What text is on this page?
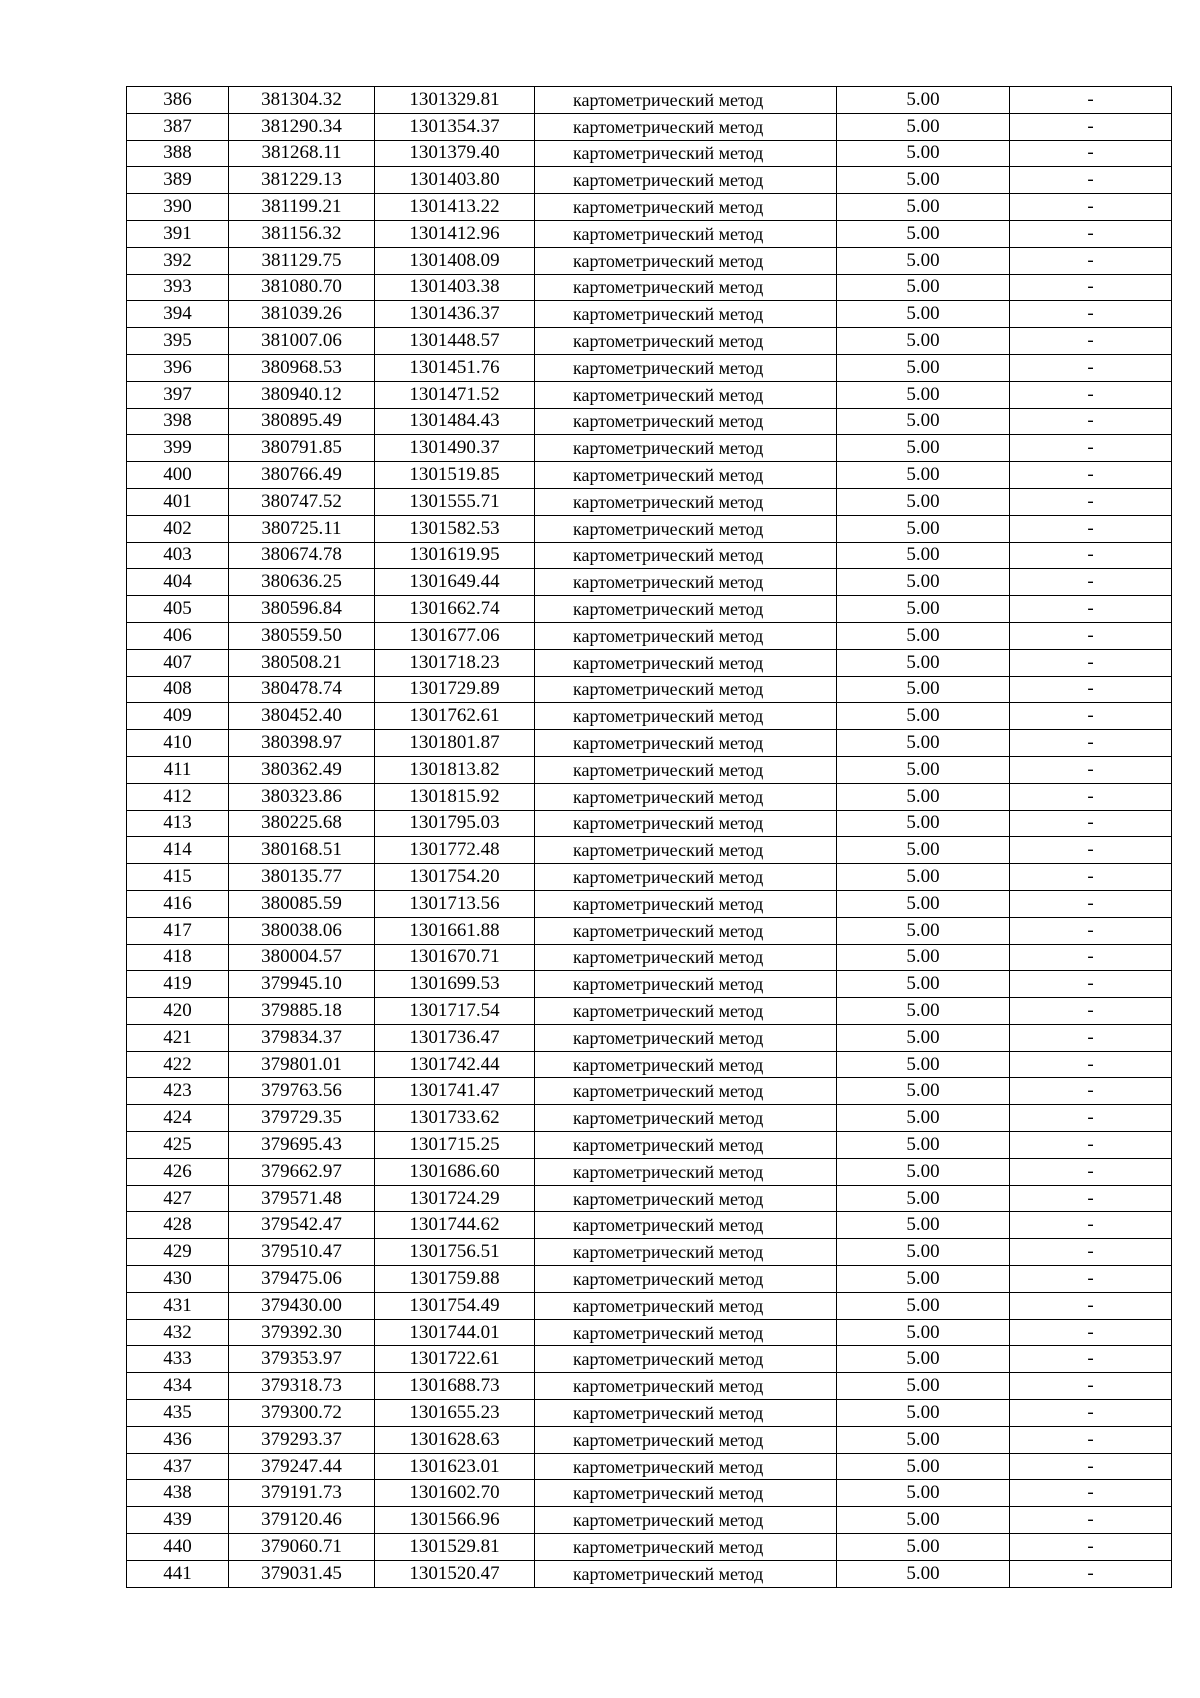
386	381304.32	1301329.81	картометрический метод	5.00	-
387	381290.34	1301354.37	картометрический метод	5.00	-
388	381268.11	1301379.40	картометрический метод	5.00	-
389	381229.13	1301403.80	картометрический метод	5.00	-
390	381199.21	1301413.22	картометрический метод	5.00	-
391	381156.32	1301412.96	картометрический метод	5.00	-
392	381129.75	1301408.09	картометрический метод	5.00	-
393	381080.70	1301403.38	картометрический метод	5.00	-
394	381039.26	1301436.37	картометрический метод	5.00	-
395	381007.06	1301448.57	картометрический метод	5.00	-
396	380968.53	1301451.76	картометрический метод	5.00	-
397	380940.12	1301471.52	картометрический метод	5.00	-
398	380895.49	1301484.43	картометрический метод	5.00	-
399	380791.85	1301490.37	картометрический метод	5.00	-
400	380766.49	1301519.85	картометрический метод	5.00	-
401	380747.52	1301555.71	картометрический метод	5.00	-
402	380725.11	1301582.53	картометрический метод	5.00	-
403	380674.78	1301619.95	картометрический метод	5.00	-
404	380636.25	1301649.44	картометрический метод	5.00	-
405	380596.84	1301662.74	картометрический метод	5.00	-
406	380559.50	1301677.06	картометрический метод	5.00	-
407	380508.21	1301718.23	картометрический метод	5.00	-
408	380478.74	1301729.89	картометрический метод	5.00	-
409	380452.40	1301762.61	картометрический метод	5.00	-
410	380398.97	1301801.87	картометрический метод	5.00	-
411	380362.49	1301813.82	картометрический метод	5.00	-
412	380323.86	1301815.92	картометрический метод	5.00	-
413	380225.68	1301795.03	картометрический метод	5.00	-
414	380168.51	1301772.48	картометрический метод	5.00	-
415	380135.77	1301754.20	картометрический метод	5.00	-
416	380085.59	1301713.56	картометрический метод	5.00	-
417	380038.06	1301661.88	картометрический метод	5.00	-
418	380004.57	1301670.71	картометрический метод	5.00	-
419	379945.10	1301699.53	картометрический метод	5.00	-
420	379885.18	1301717.54	картометрический метод	5.00	-
421	379834.37	1301736.47	картометрический метод	5.00	-
422	379801.01	1301742.44	картометрический метод	5.00	-
423	379763.56	1301741.47	картометрический метод	5.00	-
424	379729.35	1301733.62	картометрический метод	5.00	-
425	379695.43	1301715.25	картометрический метод	5.00	-
426	379662.97	1301686.60	картометрический метод	5.00	-
427	379571.48	1301724.29	картометрический метод	5.00	-
428	379542.47	1301744.62	картометрический метод	5.00	-
429	379510.47	1301756.51	картометрический метод	5.00	-
430	379475.06	1301759.88	картометрический метод	5.00	-
431	379430.00	1301754.49	картометрический метод	5.00	-
432	379392.30	1301744.01	картометрический метод	5.00	-
433	379353.97	1301722.61	картометрический метод	5.00	-
434	379318.73	1301688.73	картометрический метод	5.00	-
435	379300.72	1301655.23	картометрический метод	5.00	-
436	379293.37	1301628.63	картометрический метод	5.00	-
437	379247.44	1301623.01	картометрический метод	5.00	-
438	379191.73	1301602.70	картометрический метод	5.00	-
439	379120.46	1301566.96	картометрический метод	5.00	-
440	379060.71	1301529.81	картометрический метод	5.00	-
441	379031.45	1301520.47	картометрический метод	5.00	-
